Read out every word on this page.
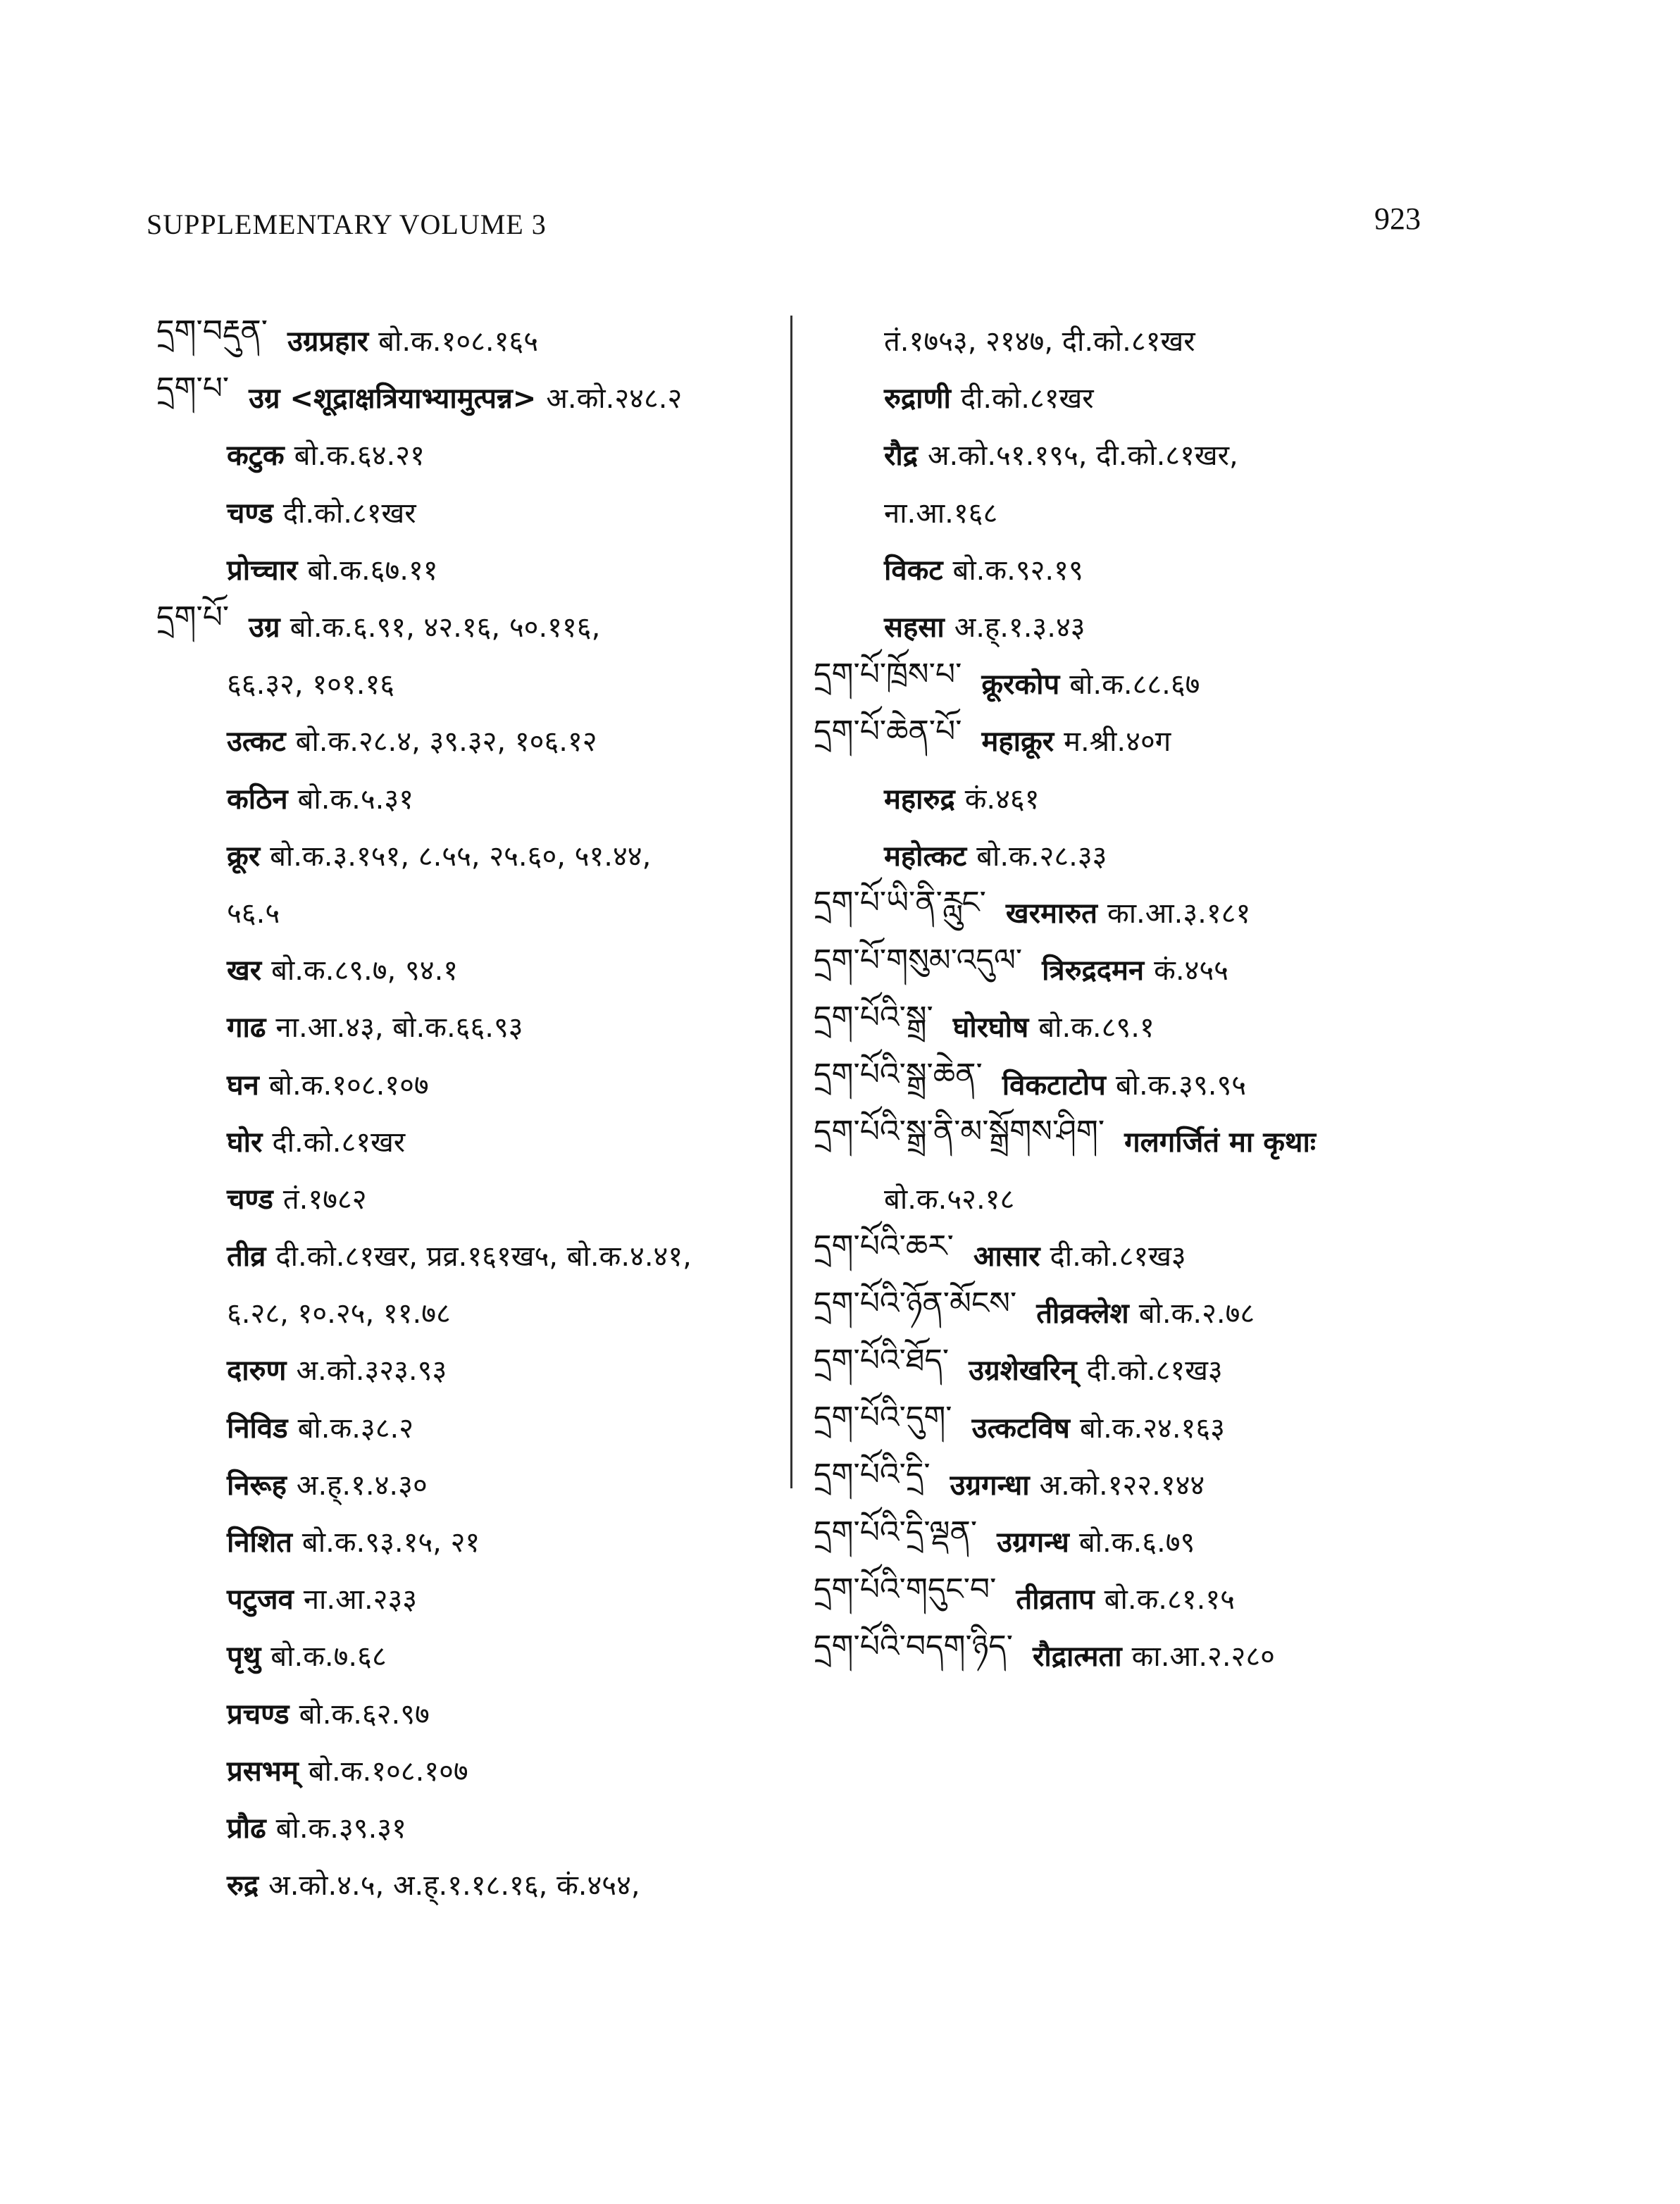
SUPPLEMENTARY VOLUME 3	923
དྲག་བརྡུན་ उग्रप्रहार बो.क.१०८.१६५
དྲག་པ་ उग्र <शूद्राक्षत्रियाभ्यामुत्पन्न> अ.को.२४८.२
कटुक बो.क.६४.२१
चण्ड दी.को.८१खर
प्रोच्चार बो.क.६७.११
དྲག་པོ་ उग्र बो.क.६.९१, ४२.१६, ५०.११६,
६६.३२, १०१.१६
उत्कट बो.क.२८.४, ३९.३२, १०६.१२
कठिन बो.क.५.३१
क्रूर बो.क.३.१५१, ८.५५, २५.६०, ५१.४४,
५६.५
खर बो.क.८९.७, ९४.१
गाढ ना.आ.४३, बो.क.६६.९३
घन बो.क.१०८.१०७
घोर दी.को.८१खर
चण्ड तं.१७८२
तीव्र दी.को.८१खर, प्रव्र.१६१ख५, बो.क.४.४१,
६.२८, १०.२५, ११.७८
दारुण अ.को.३२३.९३
निविड बो.क.३८.२
निरूह अ.ह्.१.४.३०
निशित बो.क.९३.१५, २१
पटुजव ना.आ.२३३
पृथु बो.क.७.६८
प्रचण्ड बो.क.६२.९७
प्रसभम् बो.क.१०८.१०७
प्रौढ बो.क.३९.३१
रुद्र अ.को.४.५, अ.ह्.१.१८.१६, कं.४५४,
तं.१७५३, २१४७, दी.को.८१खर
रुद्राणी दी.को.८१खर
रौद्र अ.को.५१.१९५, दी.को.८१खर,
ना.आ.१६८
विकट बो.क.९२.१९
सहसा अ.ह्.१.३.४३
དྲག་པོ་ཁྲོས་པ་ क्रूरकोप बो.क.८८.६७
དྲག་པོ་ཆེན་པོ་ महाक्रूर म.श्री.४०ग
महारुद्र कं.४६१
महोत्कट बो.क.२८.३३
དྲག་པོ་ཡི་ནི་རླུང་ खरमारुत का.आ.३.१८१
དྲག་པོ་གསུམ་འདུལ་ त्रिरुद्रदमन कं.४५५
དྲག་པོའི་སྒྲ་ घोरघोष बो.क.८९.१
དྲག་པོའི་སྒྲ་ཆེན་ विकटाटोप बो.क.३९.९५
དྲག་པོའི་སྒྲ་ནི་མ་སྒྲོགས་ཤིག་ गलगर्जितं मा कृथाः
बो.क.५२.१८
དྲག་པོའི་ཆར་ आसार दी.को.८१ख३
དྲག་པོའི་ཉོན་མོངས་ तीव्रक्लेश बो.क.२.७८
དྲག་པོའི་ཐོད་ उग्रशेखरिन् दी.को.८१ख३
དྲག་པོའི་དུག་ उत्कटविष बो.क.२४.१६३
དྲག་པོའི་དྲི་ उग्रगन्धा अ.को.१२२.१४४
དྲག་པོའི་དྲི་ལྡན་ उग्रगन्ध बो.क.६.७९
དྲག་པོའི་གདུང་བ་ तीव्रताप बो.क.८१.१५
དྲག་པོའི་བདག་ཉིད་ रौद्रात्मता का.आ.२.२८०
